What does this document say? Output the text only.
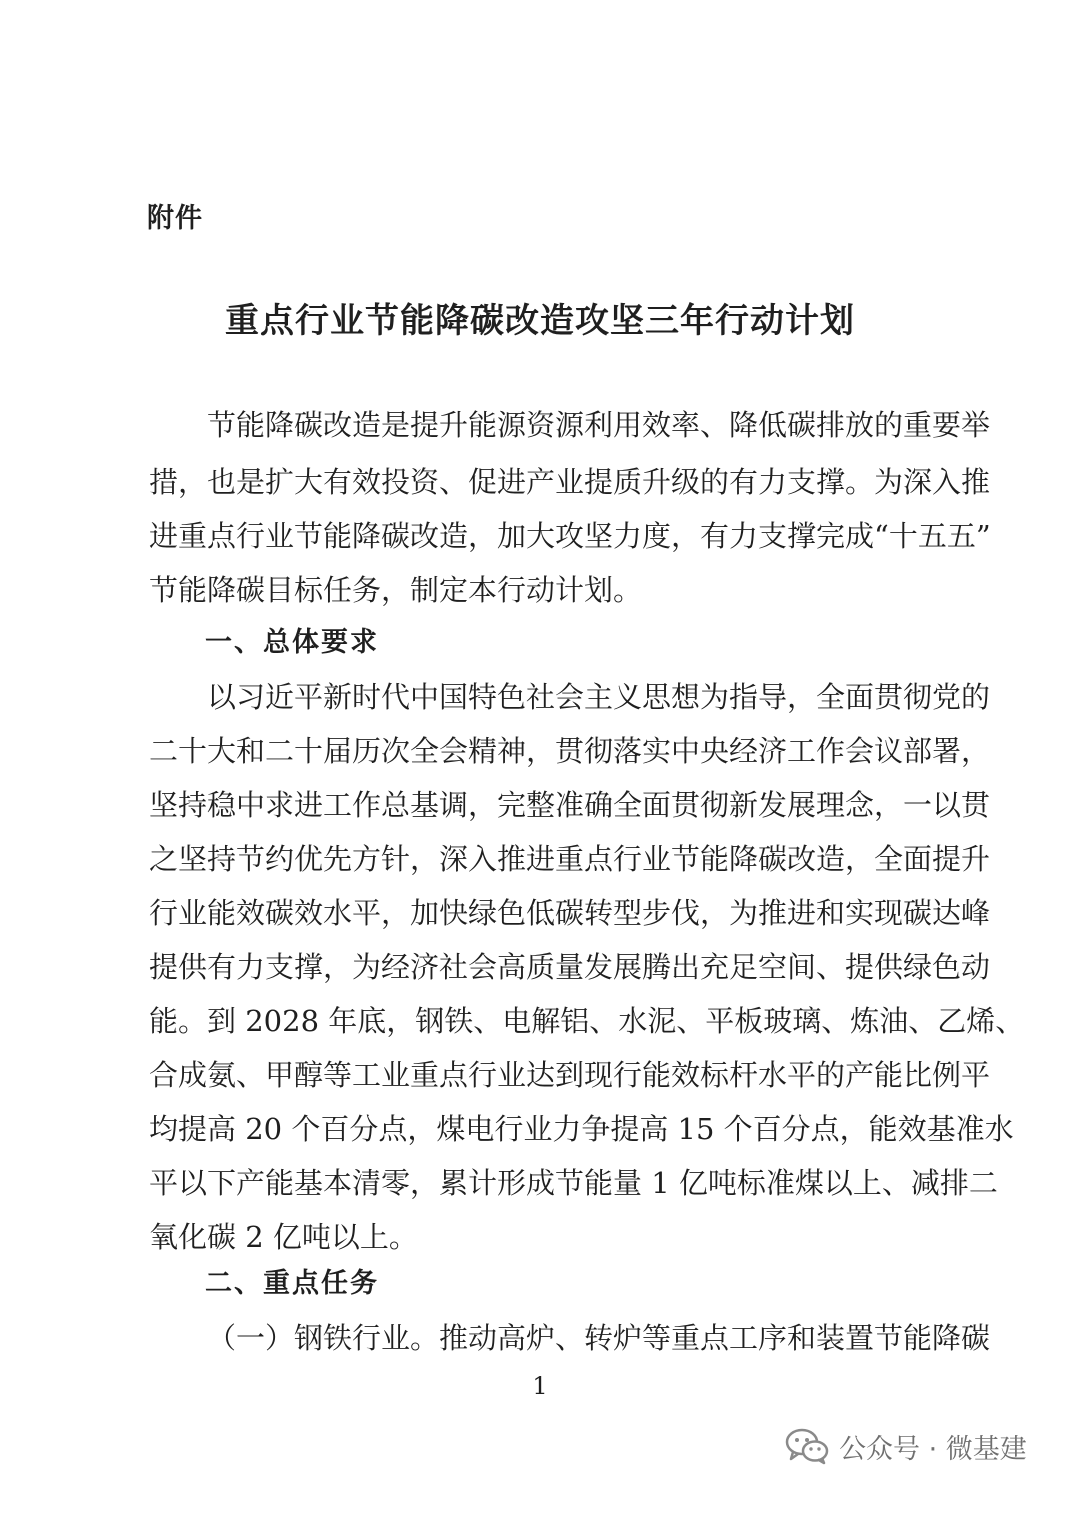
附件

重点行业节能降碳改造攻坚三年行动计划

节能降碳改造是提升能源资源利用效率、降低碳排放的重要举

措，也是扩大有效投资、促进产业提质升级的有力支撑。为深入推

进重点行业节能降碳改造，加大攻坚力度，有力支撑完成“十五五”

节能降碳目标任务，制定本行动计划。

一、总体要求

以习近平新时代中国特色社会主义思想为指导，全面贯彻党的

二十大和二十届历次全会精神，贯彻落实中央经济工作会议部署，

坚持稳中求进工作总基调，完整准确全面贯彻新发展理念，一以贯

之坚持节约优先方针，深入推进重点行业节能降碳改造，全面提升

行业能效碳效水平，加快绿色低碳转型步伐，为推进和实现碳达峰

提供有力支撑，为经济社会高质量发展腾出充足空间、提供绿色动

能。到 2028 年底，钢铁、电解铝、水泥、平板玻璃、炼油、乙烯、

合成氨、甲醇等工业重点行业达到现行能效标杆水平的产能比例平

均提高 20 个百分点，煤电行业力争提高 15 个百分点，能效基准水

平以下产能基本清零，累计形成节能量 1 亿吨标准煤以上、减排二

氧化碳 2 亿吨以上。

二、重点任务

（一）钢铁行业。推动高炉、转炉等重点工序和装置节能降碳

1

公众号 · 微基建
